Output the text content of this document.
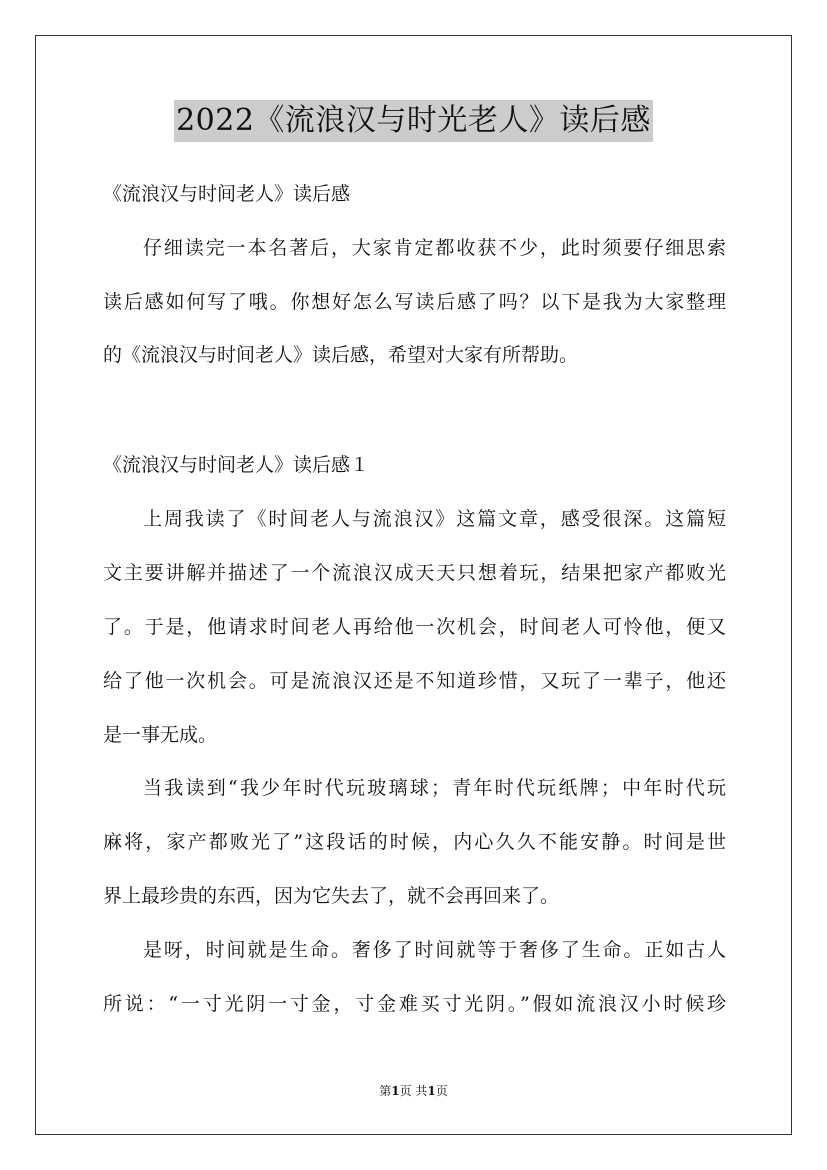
2022《流浪汉与时光老人》读后感
《流浪汉与时间老人》读后感
仔细读完一本名著后，大家肯定都收获不少，此时须要仔细思索
读后感如何写了哦。你想好怎么写读后感了吗？以下是我为大家整理
的《流浪汉与时间老人》读后感，希望对大家有所帮助。
《流浪汉与时间老人》读后感１
上周我读了《时间老人与流浪汉》这篇文章，感受很深。这篇短
文主要讲解并描述了一个流浪汉成天天只想着玩，结果把家产都败光
了。于是，他请求时间老人再给他一次机会，时间老人可怜他，便又
给了他一次机会。可是流浪汉还是不知道珍惜，又玩了一辈子，他还
是一事无成。
当我读到“我少年时代玩玻璃球；青年时代玩纸牌；中年时代玩
麻将，家产都败光了”这段话的时候，内心久久不能安静。时间是世
界上最珍贵的东西，因为它失去了，就不会再回来了。
是呀，时间就是生命。奢侈了时间就等于奢侈了生命。正如古人
所说：“一寸光阴一寸金，寸金难买寸光阴。”假如流浪汉小时候珍
第1页 共1页
